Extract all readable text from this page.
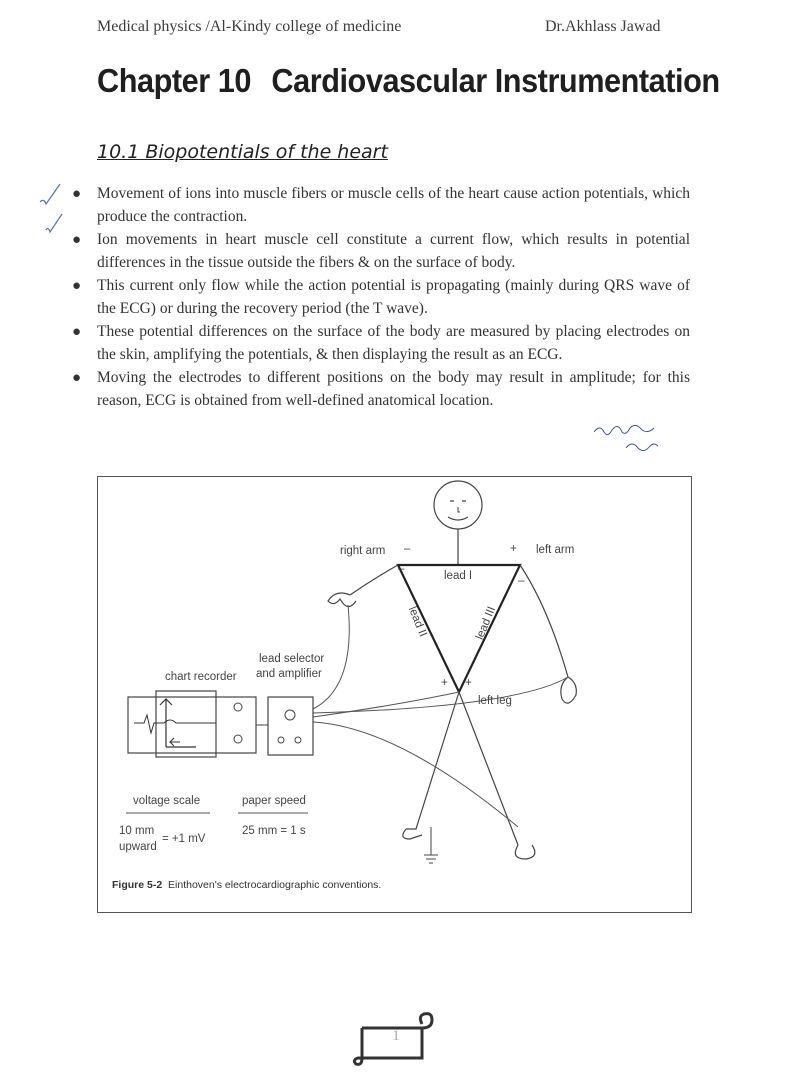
Medical physics /Al-Kindy college of medicine	Dr.Akhlass Jawad
Chapter 10 Cardiovascular Instrumentation
10.1 Biopotentials of the heart
● Movement of ions into muscle fibers or muscle cells of the heart cause action potentials, which produce the contraction.
● Ion movements in heart muscle cell constitute a current flow, which results in potential differences in the tissue outside the fibers & on the surface of body.
● This current only flow while the action potential is propagating (mainly during QRS wave of the ECG) or during the recovery period (the T wave).
● These potential differences on the surface of the body are measured by placing electrodes on the skin, amplifying the potentials, & then displaying the result as an ECG.
● Moving the electrodes to different positions on the body may result in amplitude; for this reason, ECG is obtained from well-defined anatomical location.
right arm –	+ left arm
lead I
lead II	lead III
–
–
+ +
left leg
chart recorder
lead selector
and amplifier
voltage scale	paper speed
10 mm
upward
= +1 mV
25 mm = 1 s
Figure 5-2 Einthoven's electrocardiographic conventions.
1
